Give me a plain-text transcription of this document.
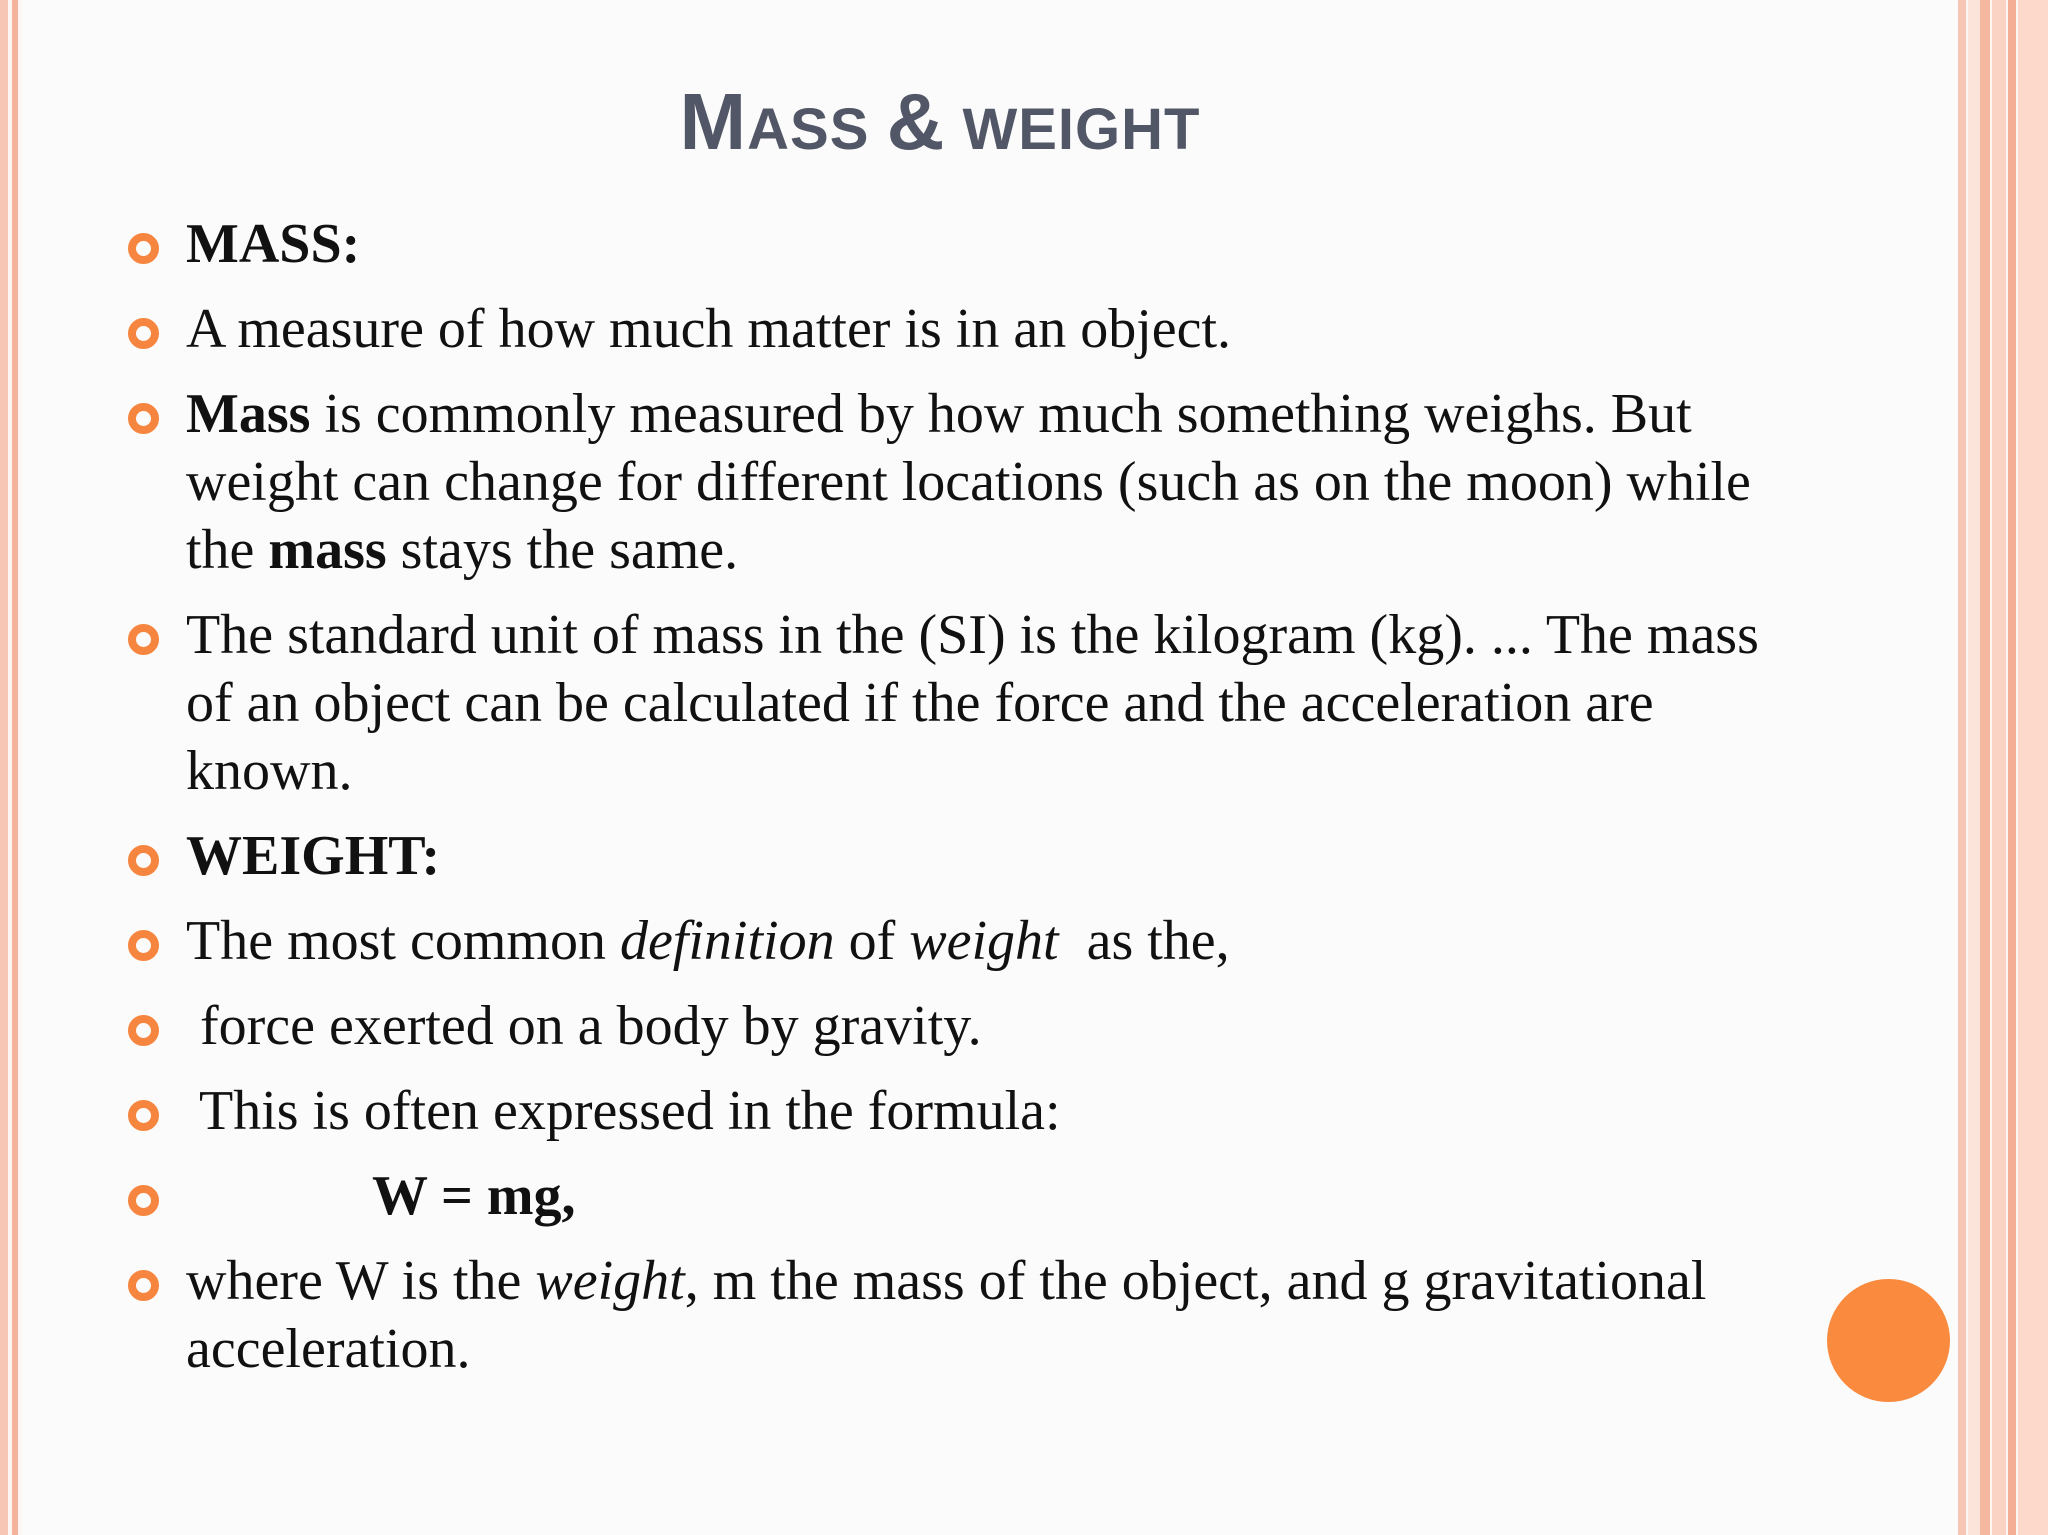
MASS & WEIGHT
MASS:
A measure of how much matter is in an object.
Mass is commonly measured by how much something weighs. But weight can change for different locations (such as on the moon) while the mass stays the same.
The standard unit of mass in the (SI) is the kilogram (kg). ... The mass of an object can be calculated if the force and the acceleration are known.
WEIGHT:
The most common definition of weight  as the,
force exerted on a body by gravity.
This is often expressed in the formula:
W = mg,
where W is the weight, m the mass of the object, and g gravitational acceleration.
